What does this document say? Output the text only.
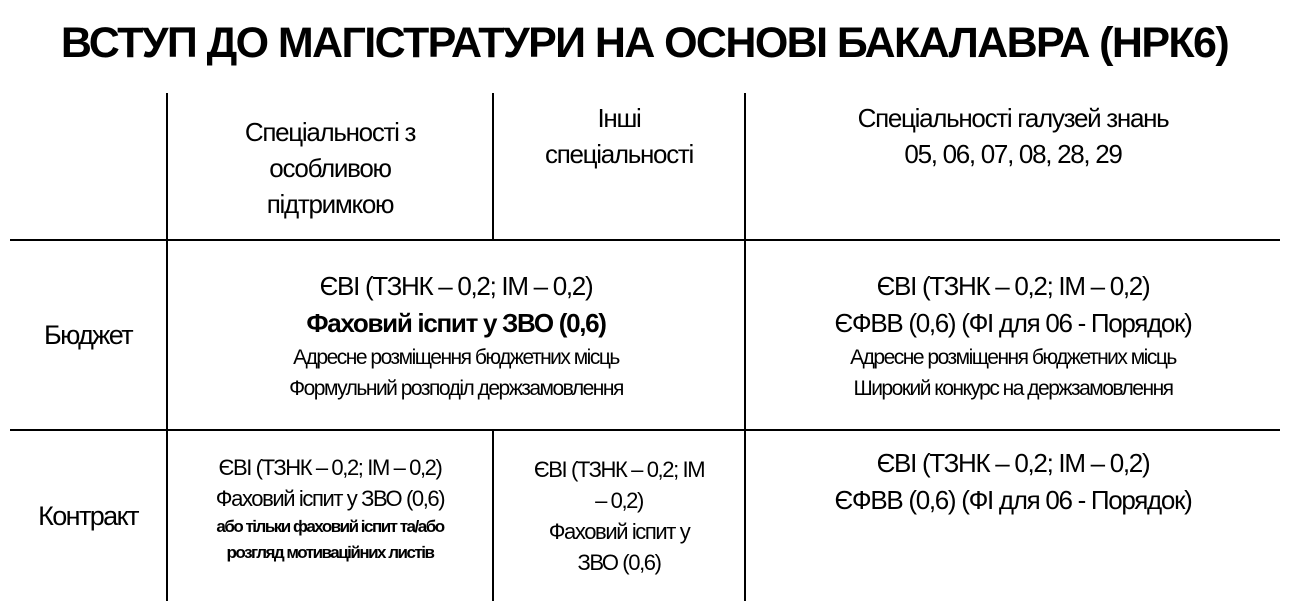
ВСТУП ДО МАГІСТРАТУРИ НА ОСНОВІ БАКАЛАВРА (НРК6)
Спеціальності з
особливою
підтримкою
Інші
спеціальності
Спеціальності галузей знань
05, 06, 07, 08, 28, 29
Бюджет
ЄВІ (ТЗНК – 0,2; ІМ – 0,2)
Фаховий іспит у ЗВО (0,6)
Адресне розміщення бюджетних місць
Формульний розподіл держзамовлення
ЄВІ (ТЗНК – 0,2; ІМ – 0,2)
ЄФВВ (0,6) (ФІ для 06 - Порядок)
Адресне розміщення бюджетних місць
Широкий конкурс на держзамовлення
Контракт
ЄВІ (ТЗНК – 0,2; ІМ – 0,2)
Фаховий іспит у ЗВО (0,6)
або тільки фаховий іспит та/або
розгляд мотиваційних листів
ЄВІ (ТЗНК – 0,2; ІМ
– 0,2)
Фаховий іспит у
ЗВО (0,6)
ЄВІ (ТЗНК – 0,2; ІМ – 0,2)
ЄФВВ (0,6) (ФІ для 06 - Порядок)
